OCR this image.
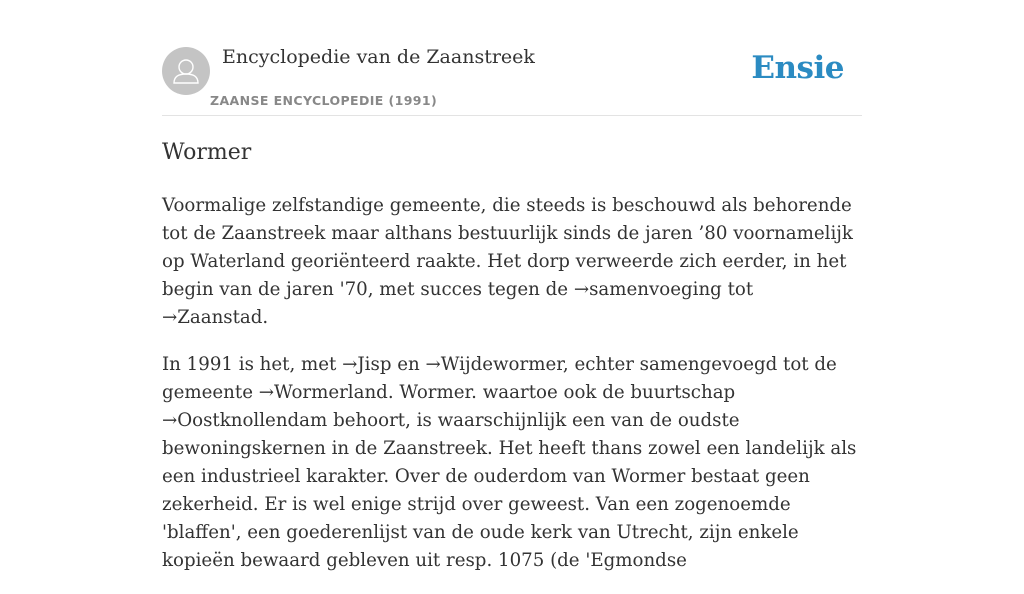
Encyclopedie van de Zaanstreek
ZAANSE ENCYCLOPEDIE (1991)
Ensie
Wormer

Voormalige zelfstandige gemeente, die steeds is beschouwd als behorende tot de Zaanstreek maar althans bestuurlijk sinds de jaren ’80 voornamelijk op Waterland georiënteerd raakte. Het dorp verweerde zich eerder, in het begin van de jaren '70, met succes tegen de →samenvoeging tot →Zaanstad.

In 1991 is het, met →Jisp en →Wijdewormer, echter samengevoegd tot de gemeente →Wormerland. Wormer. waartoe ook de buurtschap →Oostknollendam behoort, is waarschijnlijk een van de oudste bewoningskernen in de Zaanstreek. Het heeft thans zowel een landelijk als een industrieel karakter. Over de ouderdom van Wormer bestaat geen zekerheid. Er is wel enige strijd over geweest. Van een zogenoemde 'blaffen', een goederenlijst van de oude kerk van Utrecht, zijn enkele kopieën bewaard gebleven uit resp. 1075 (de 'Egmondse
